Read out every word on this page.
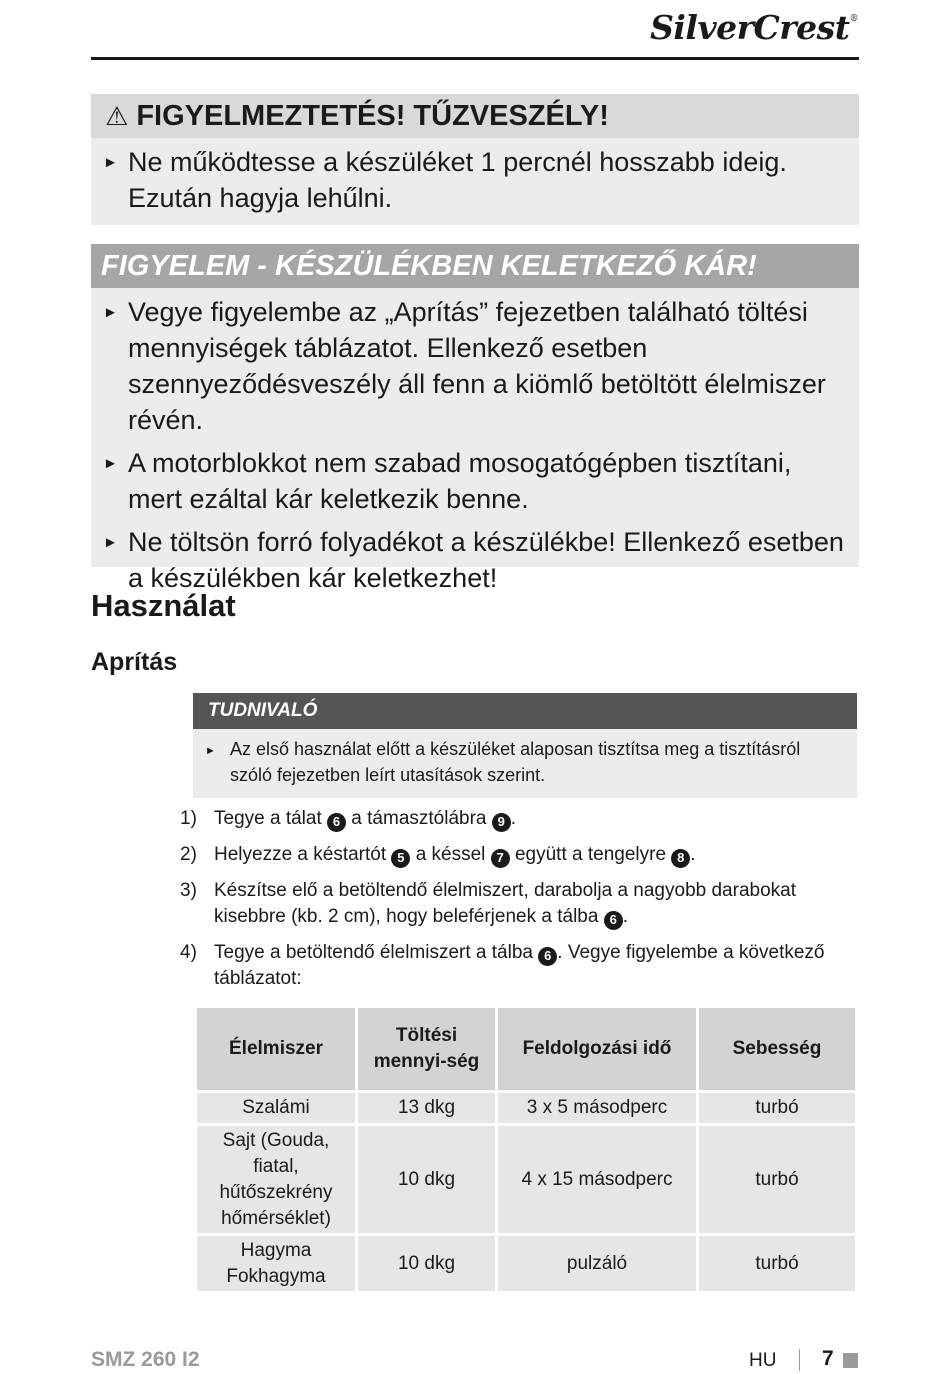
SilverCrest®
⚠ FIGYELMEZTETÉS! TŰZVESZÉLY!
► Ne működtesse a készüléket 1 percnél hosszabb ideig. Ezután hagyja lehűlni.
FIGYELEM - KÉSZÜLÉKBEN KELETKEZŐ KÁR!
► Vegye figyelembe az „Aprítás” fejezetben található töltési mennyiségek táblázatot. Ellenkező esetben szennyeződésveszély áll fenn a kiömlő betöltött élelmiszer révén.
► A motorblokkot nem szabad mosogatógépben tisztítani, mert ezáltal kár keletkezik benne.
► Ne töltsön forró folyadékot a készülékbe! Ellenkező esetben a készülékben kár keletkezhet!
Használat
Aprítás
TUDNIVALÓ
► Az első használat előtt a készüléket alaposan tisztítsa meg a tisztításról szóló fejezetben leírt utasítások szerint.
1) Tegye a tálat 6 a támasztólábra 9 .
2) Helyezze a késtartót 5 a késsel 7 együtt a tengelyre 8 .
3) Készítse elő a betöltendő élelmiszert, darabolja a nagyobb darabokat kisebbre (kb. 2 cm), hogy beleférjenek a tálba 6 .
4) Tegye a betöltendő élelmiszert a tálba 6 . Vegye figyelembe a következő táblázatot:
Élelmiszer	Töltési mennyi-ség	Feldolgozási idő	Sebesség
Szalámi	13 dkg	3 x 5 másodperc	turbó
Sajt (Gouda, fiatal, hűtőszekrény hőmérséklet)	10 dkg	4 x 15 másodperc	turbó
Hagyma Fokhagyma	10 dkg	pulzáló	turbó
SMZ 260 I2	HU 7
